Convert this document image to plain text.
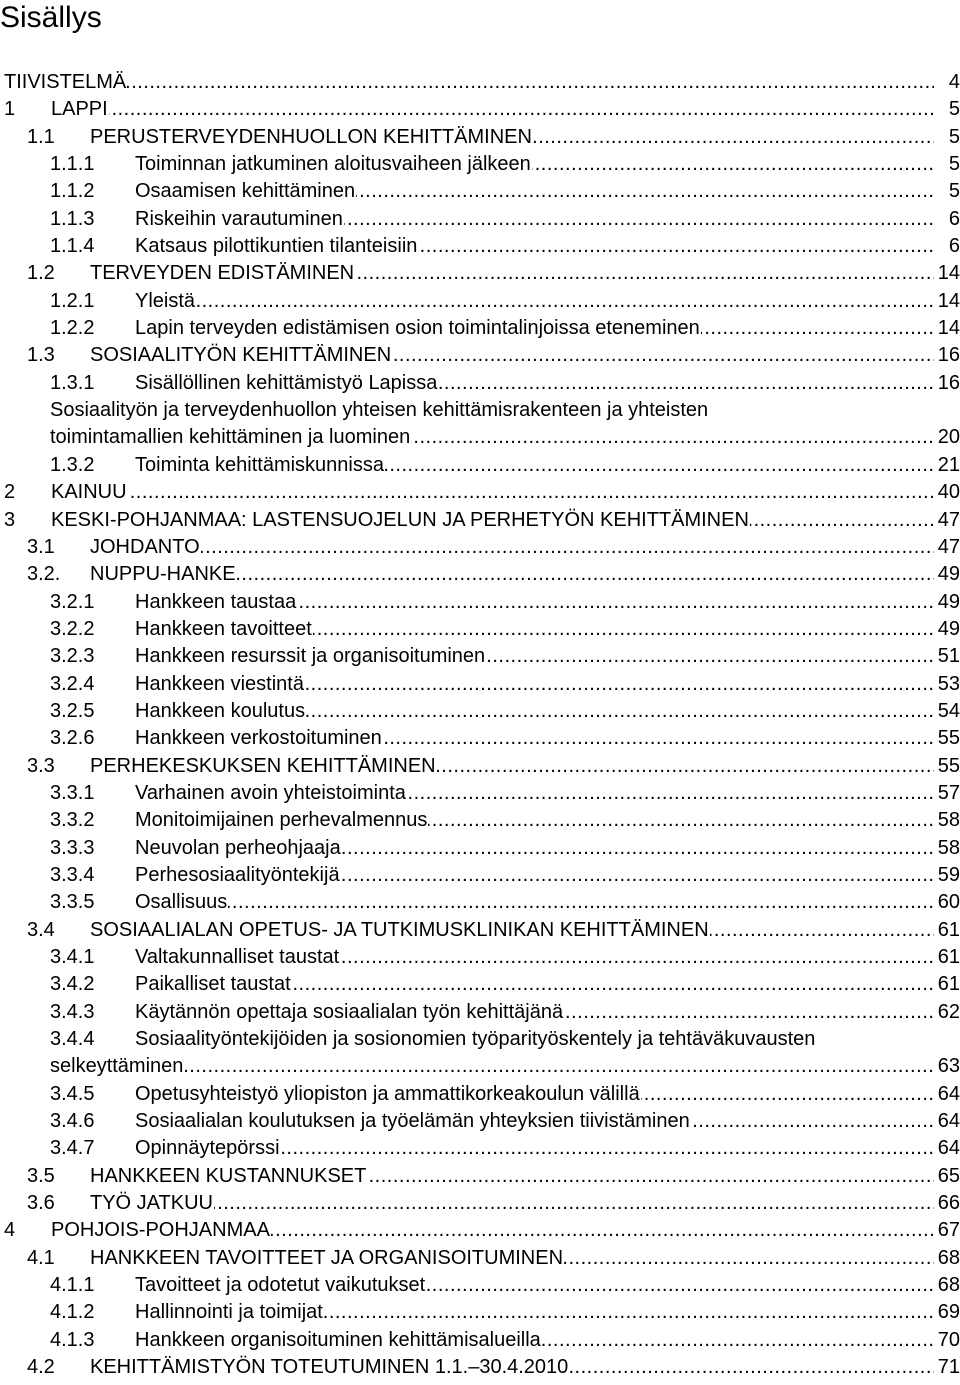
Sisällys
TIIVISTELMÄ .....	4
1 LAPPI .....	5
1.1 PERUSTERVEYDENHUOLLON KEHITTÄMINEN .....	5
1.1.1 Toiminnan jatkuminen aloitusvaiheen jälkeen .....	5
1.1.2 Osaamisen kehittäminen .....	5
1.1.3 Riskeihin varautuminen .....	6
1.1.4 Katsaus pilottikuntien tilanteisiin .....	6
1.2 TERVEYDEN EDISTÄMINEN .....	14
1.2.1 Yleistä .....	14
1.2.2 Lapin terveyden edistämisen osion toimintalinjoissa eteneminen .....	14
1.3 SOSIAALITYÖN KEHITTÄMINEN .....	16
1.3.1 Sisällöllinen kehittämistyö Lapissa .....	16
Sosiaalityön ja terveydenhuollon yhteisen kehittämisrakenteen ja yhteisten
toimintamallien kehittäminen ja luominen .....	20
1.3.2 Toiminta kehittämiskunnissa .....	21
2 KAINUU .....	40
3 KESKI-POHJANMAA: LASTENSUOJELUN JA PERHETYÖN KEHITTÄMINEN .....	47
3.1 JOHDANTO .....	47
3.2. NUPPU-HANKE .....	49
3.2.1 Hankkeen taustaa .....	49
3.2.2 Hankkeen tavoitteet .....	49
3.2.3 Hankkeen resurssit ja organisoituminen .....	51
3.2.4 Hankkeen viestintä .....	53
3.2.5 Hankkeen koulutus .....	54
3.2.6 Hankkeen verkostoituminen .....	55
3.3 PERHEKESKUKSEN KEHITTÄMINEN .....	55
3.3.1 Varhainen avoin yhteistoiminta .....	57
3.3.2 Monitoimijainen perhevalmennus .....	58
3.3.3 Neuvolan perheohjaaja .....	58
3.3.4 Perhesosiaalityöntekijä .....	59
3.3.5 Osallisuus .....	60
3.4 SOSIAALIALAN OPETUS- JA TUTKIMUSKLINIKAN KEHITTÄMINEN .....	61
3.4.1 Valtakunnalliset taustat .....	61
3.4.2 Paikalliset taustat .....	61
3.4.3 Käytännön opettaja sosiaalialan työn kehittäjänä .....	62
3.4.4 Sosiaalityöntekijöiden ja sosionomien työparityöskentely ja tehtäväkuvausten
selkeyttäminen .....	63
3.4.5 Opetusyhteistyö yliopiston ja ammattikorkeakoulun välillä .....	64
3.4.6 Sosiaalialan koulutuksen ja työelämän yhteyksien tiivistäminen .....	64
3.4.7 Opinnäytepörssi .....	64
3.5 HANKKEEN KUSTANNUKSET .....	65
3.6 TYÖ JATKUU .....	66
4 POHJOIS-POHJANMAA .....	67
4.1 HANKKEEN TAVOITTEET JA ORGANISOITUMINEN .....	68
4.1.1 Tavoitteet ja odotetut vaikutukset .....	68
4.1.2 Hallinnointi ja toimijat .....	69
4.1.3 Hankkeen organisoituminen kehittämisalueilla .....	70
4.2 KEHITTÄMISTYÖN TOTEUTUMINEN 1.1.–30.4.2010 .....	71
